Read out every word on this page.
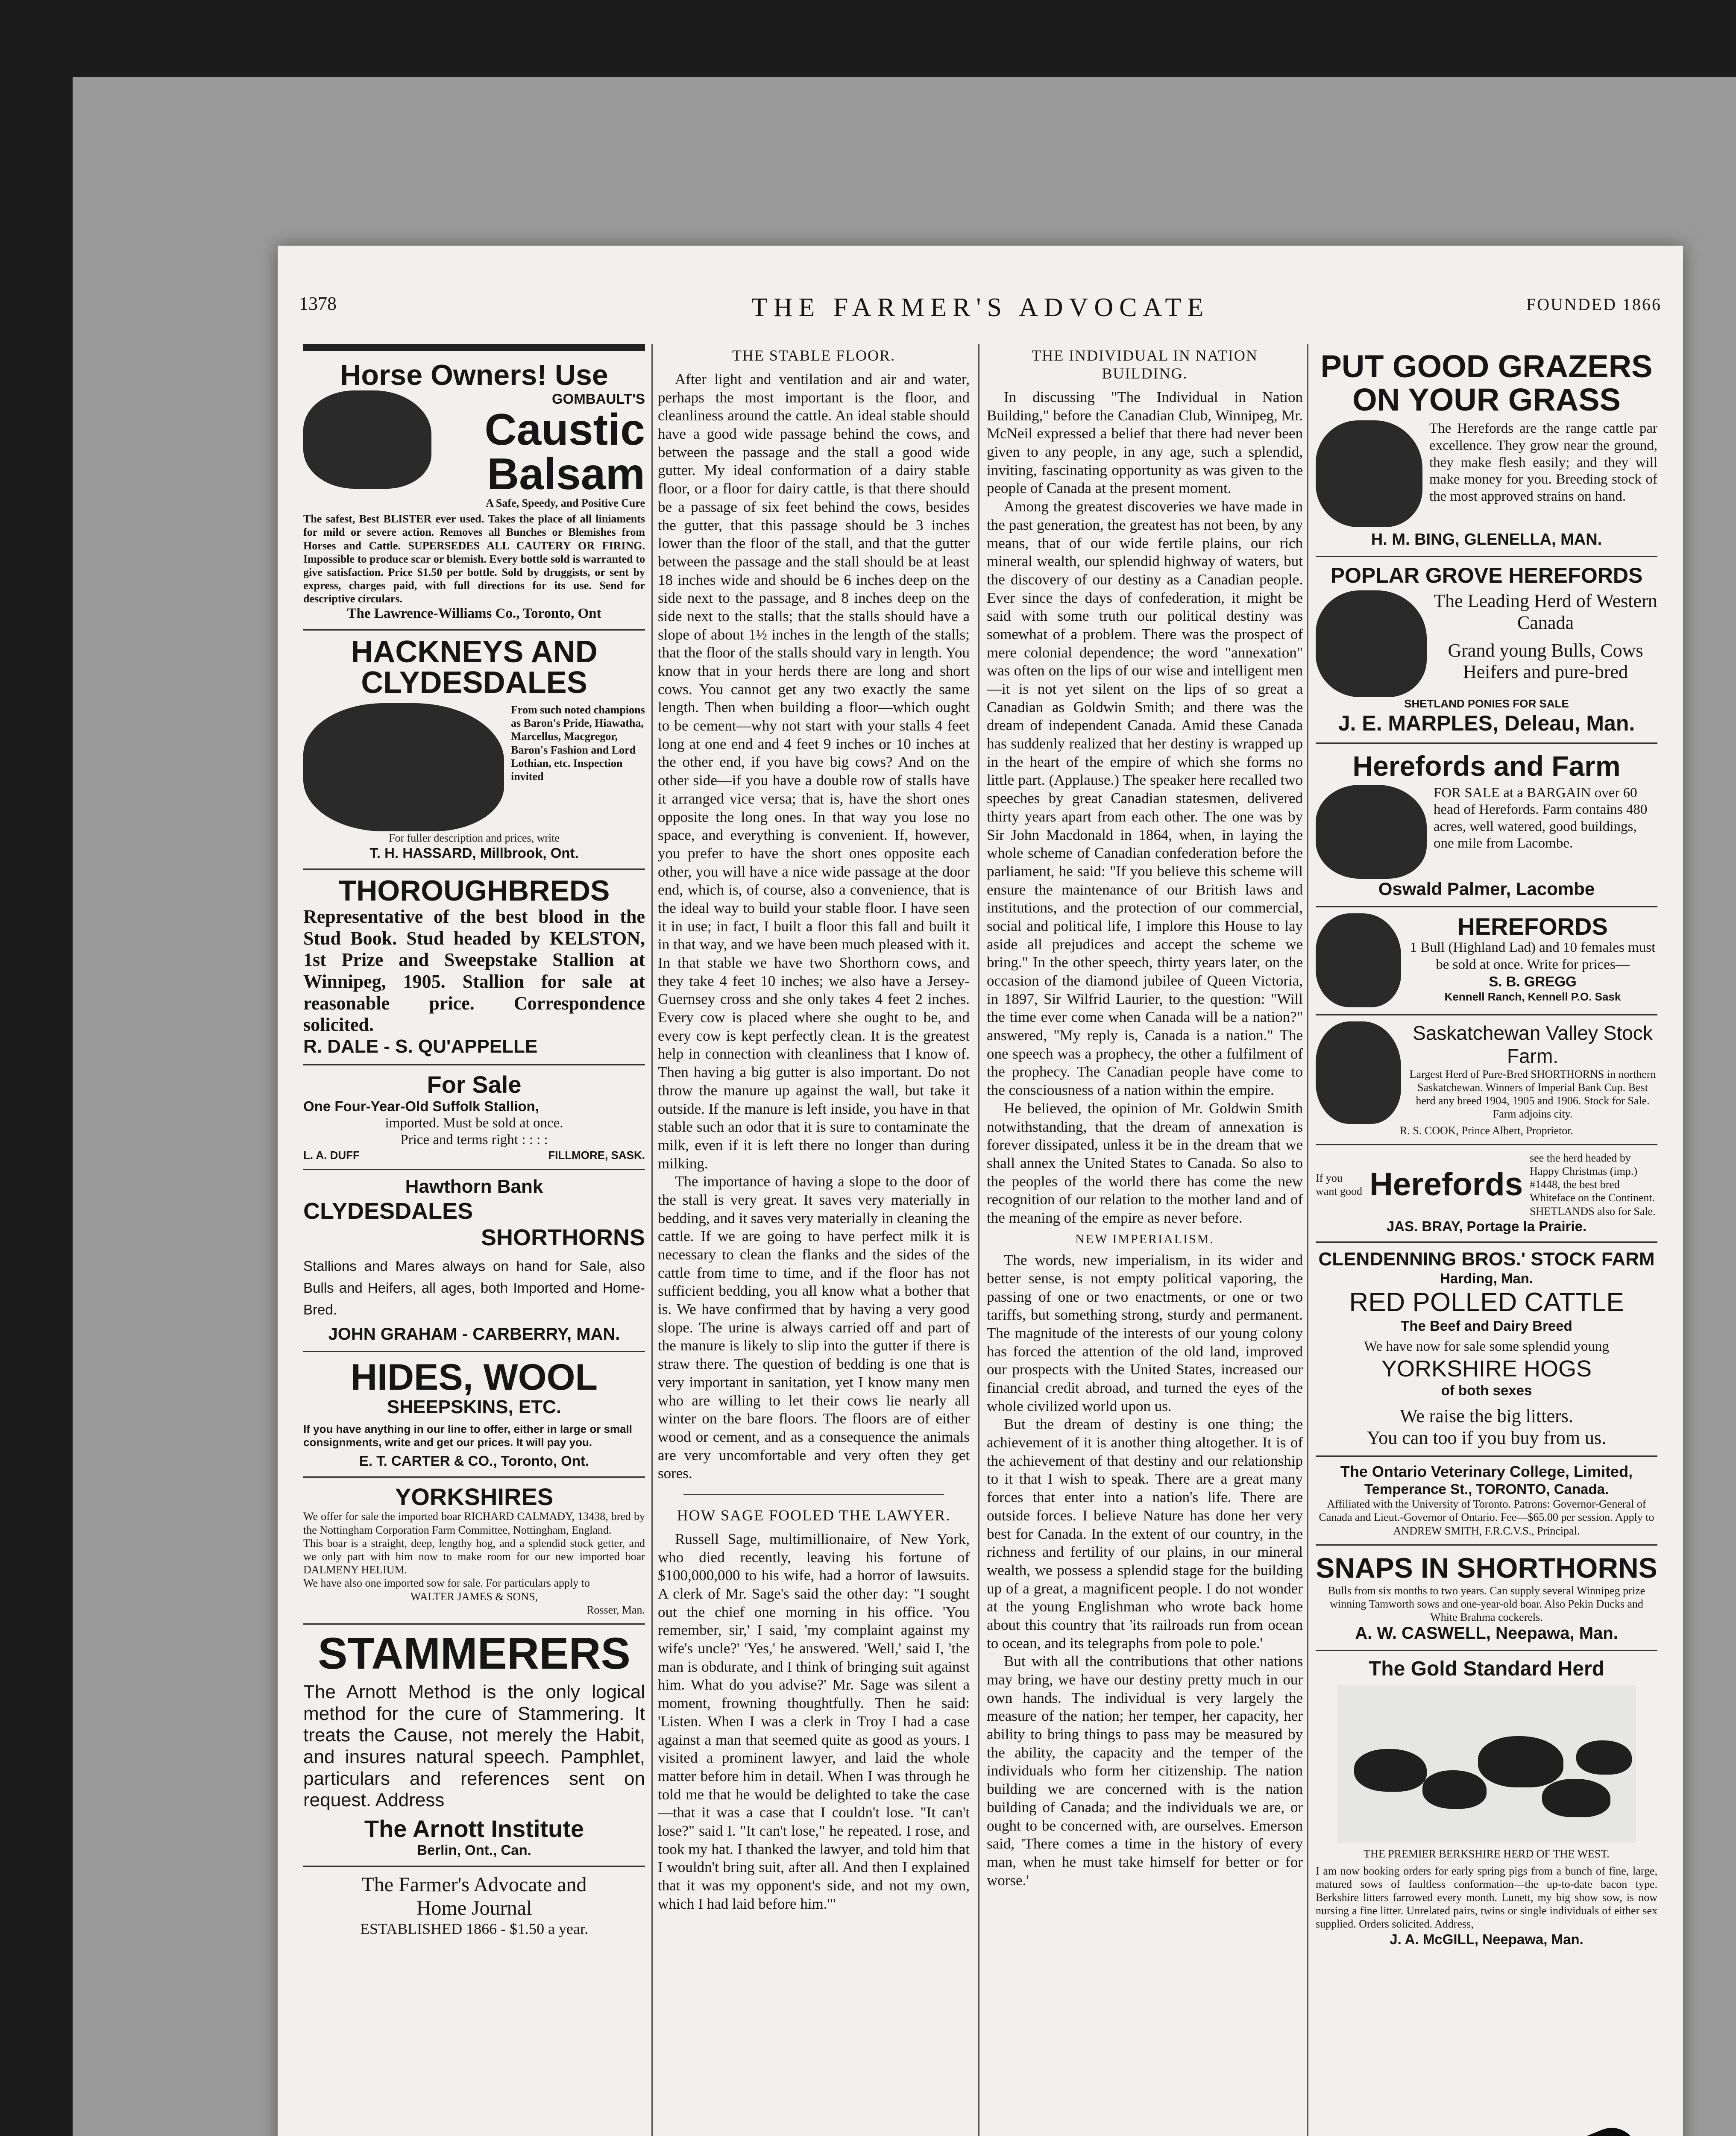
1378	THE FARMER'S ADVOCATE	FOUNDED 1866
Horse Owners! Use
GOMBAULT'S
Caustic
Balsam
A Safe, Speedy, and Positive Cure
The safest, Best BLISTER ever used. Takes the place of all liniaments for mild or severe action. Removes all Bunches or Blemishes from Horses and Cattle. SUPERSEDES ALL CAUTERY OR FIRING. Impossible to produce scar or blemish. Every bottle sold is warranted to give satisfaction. Price $1.50 per bottle. Sold by druggists, or sent by express, charges paid, with full directions for its use. Send for descriptive circulars.
The Lawrence-Williams Co., Toronto, Ont
HACKNEYS AND
CLYDESDALES
From such noted champions as Baron's Pride, Hiawatha, Marcellus, Macgregor, Baron's Fashion and Lord Lothian, etc. Inspection invited
For fuller description and prices, write
T. H. HASSARD, Millbrook, Ont.
THOROUGHBREDS
Representative of the best blood in the Stud Book. Stud headed by KELSTON, 1st Prize and Sweepstake Stallion at Winnipeg, 1905. Stallion for sale at reasonable price. Correspondence solicited.
R. DALE - S. QU'APPELLE
For Sale
One Four-Year-Old Suffolk Stallion,
imported. Must be sold at once.
Price and terms right : : : :
L. A. DUFF	FILLMORE, SASK.
Hawthorn Bank
CLYDESDALES
SHORTHORNS
Stallions and Mares always on hand for Sale, also Bulls and Heifers, all ages, both Imported and Home-Bred.
JOHN GRAHAM - CARBERRY, MAN.
HIDES, WOOL
SHEEPSKINS, ETC.
If you have anything in our line to offer, either in large or small consignments, write and get our prices. It will pay you.
E. T. CARTER & CO., Toronto, Ont.
YORKSHIRES
We offer for sale the imported boar RICHARD CALMADY, 13438, bred by the Nottingham Corporation Farm Committee, Nottingham, England.
This boar is a straight, deep, lengthy hog, and a splendid stock getter, and we only part with him now to make room for our new imported boar DALMENY HELIUM.
We have also one imported sow for sale. For particulars apply to
WALTER JAMES & SONS,
Rosser, Man.
STAMMERERS
The Arnott Method is the only logical method for the cure of Stammering. It treats the Cause, not merely the Habit, and insures natural speech. Pamphlet, particulars and references sent on request. Address
The Arnott Institute
Berlin, Ont., Can.
The Farmer's Advocate and
Home Journal
ESTABLISHED 1866 - $1.50 a year.
THE STABLE FLOOR.

After light and ventilation and air and water, perhaps the most important is the floor, and cleanliness around the cattle. An ideal stable should have a good wide passage behind the cows, and between the passage and the stall a good wide gutter. My ideal conformation of a dairy stable floor, or a floor for dairy cattle, is that there should be a passage of six feet behind the cows, besides the gutter, that this passage should be 3 inches lower than the floor of the stall, and that the gutter between the passage and the stall should be at least 18 inches wide and should be 6 inches deep on the side next to the passage, and 8 inches deep on the side next to the stalls; that the stalls should have a slope of about 1½ inches in the length of the stalls; that the floor of the stalls should vary in length. You know that in your herds there are long and short cows. You cannot get any two exactly the same length. Then when building a floor—which ought to be cement—why not start with your stalls 4 feet long at one end and 4 feet 9 inches or 10 inches at the other end, if you have big cows? And on the other side—if you have a double row of stalls have it arranged vice versa; that is, have the short ones opposite the long ones. In that way you lose no space, and everything is convenient. If, however, you prefer to have the short ones opposite each other, you will have a nice wide passage at the door end, which is, of course, also a convenience, that is the ideal way to build your stable floor. I have seen it in use; in fact, I built a floor this fall and built it in that way, and we have been much pleased with it. In that stable we have two Shorthorn cows, and they take 4 feet 10 inches; we also have a Jersey-Guernsey cross and she only takes 4 feet 2 inches. Every cow is placed where she ought to be, and every cow is kept perfectly clean. It is the greatest help in connection with cleanliness that I know of. Then having a big gutter is also important. Do not throw the manure up against the wall, but take it outside. If the manure is left inside, you have in that stable such an odor that it is sure to contaminate the milk, even if it is left there no longer than during milking.

The importance of having a slope to the door of the stall is very great. It saves very materially in bedding, and it saves very materially in cleaning the cattle. If we are going to have perfect milk it is necessary to clean the flanks and the sides of the cattle from time to time, and if the floor has not sufficient bedding, you all know what a bother that is. We have confirmed that by having a very good slope. The urine is always carried off and part of the manure is likely to slip into the gutter if there is straw there. The question of bedding is one that is very important in sanitation, yet I know many men who are willing to let their cows lie nearly all winter on the bare floors. The floors are of either wood or cement, and as a consequence the animals are very uncomfortable and very often they get sores.

HOW SAGE FOOLED THE LAWYER.

Russell Sage, multimillionaire, of New York, who died recently, leaving his fortune of $100,000,000 to his wife, had a horror of lawsuits. A clerk of Mr. Sage's said the other day: "I sought out the chief one morning in his office. 'You remember, sir,' I said, 'my complaint against my wife's uncle?' 'Yes,' he answered. 'Well,' said I, 'the man is obdurate, and I think of bringing suit against him. What do you advise?' Mr. Sage was silent a moment, frowning thoughtfully. Then he said: 'Listen. When I was a clerk in Troy I had a case against a man that seemed quite as good as yours. I visited a prominent lawyer, and laid the whole matter before him in detail. When I was through he told me that he would be delighted to take the case—that it was a case that I couldn't lose. "It can't lose?" said I. "It can't lose," he repeated. I rose, and took my hat. I thanked the lawyer, and told him that I wouldn't bring suit, after all. And then I explained that it was my opponent's side, and not my own, which I had laid before him.'"

THE INDIVIDUAL IN NATION BUILDING.

In discussing "The Individual in Nation Building," before the Canadian Club, Winnipeg, Mr. McNeil expressed a belief that there had never been given to any people, in any age, such a splendid, inviting, fascinating opportunity as was given to the people of Canada at the present moment.

Among the greatest discoveries we have made in the past generation, the greatest has not been, by any means, that of our wide fertile plains, our rich mineral wealth, our splendid highway of waters, but the discovery of our destiny as a Canadian people. Ever since the days of confederation, it might be said with some truth our political destiny was somewhat of a problem. There was the prospect of mere colonial dependence; the word "annexation" was often on the lips of our wise and intelligent men—it is not yet silent on the lips of so great a Canadian as Goldwin Smith; and there was the dream of independent Canada. Amid these Canada has suddenly realized that her destiny is wrapped up in the heart of the empire of which she forms no little part. (Applause.) The speaker here recalled two speeches by great Canadian statesmen, delivered thirty years apart from each other. The one was by Sir John Macdonald in 1864, when, in laying the whole scheme of Canadian confederation before the parliament, he said: "If you believe this scheme will ensure the maintenance of our British laws and institutions, and the protection of our commercial, social and political life, I implore this House to lay aside all prejudices and accept the scheme we bring." In the other speech, thirty years later, on the occasion of the diamond jubilee of Queen Victoria, in 1897, Sir Wilfrid Laurier, to the question: "Will the time ever come when Canada will be a nation?" answered, "My reply is, Canada is a nation." The one speech was a prophecy, the other a fulfilment of the prophecy. The Canadian people have come to the consciousness of a nation within the empire.

He believed, the opinion of Mr. Goldwin Smith notwithstanding, that the dream of annexation is forever dissipated, unless it be in the dream that we shall annex the United States to Canada. So also to the peoples of the world there has come the new recognition of our relation to the mother land and of the meaning of the empire as never before.

NEW IMPERIALISM.

The words, new imperialism, in its wider and better sense, is not empty political vaporing, the passing of one or two enactments, or one or two tariffs, but something strong, sturdy and permanent. The magnitude of the interests of our young colony has forced the attention of the old land, improved our prospects with the United States, increased our financial credit abroad, and turned the eyes of the whole civilized world upon us.

But the dream of destiny is one thing; the achievement of it is another thing altogether. It is of the achievement of that destiny and our relationship to it that I wish to speak. There are a great many forces that enter into a nation's life. There are outside forces. I believe Nature has done her very best for Canada. In the extent of our country, in the richness and fertility of our plains, in our mineral wealth, we possess a splendid stage for the building up of a great, a magnificent people. I do not wonder at the young Englishman who wrote back home about this country that 'its railroads run from ocean to ocean, and its telegraphs from pole to pole.'

But with all the contributions that other nations may bring, we have our destiny pretty much in our own hands. The individual is very largely the measure of the nation; her temper, her capacity, her ability to bring things to pass may be measured by the ability, the capacity and the temper of the individuals who form her citizenship. The nation building we are concerned with is the nation building of Canada; and the individuals we are, or ought to be concerned with, are ourselves. Emerson said, 'There comes a time in the history of every man, when he must take himself for better or for worse.'

PUT GOOD GRAZERS
ON YOUR GRASS
The Herefords are the range cattle par excellence. They grow near the ground, they make flesh easily; and they will make money for you. Breeding stock of the most approved strains on hand.
H. M. BING, GLENELLA, MAN.
POPLAR GROVE HEREFORDS
The Leading Herd of Western Canada
Grand young Bulls, Cows Heifers and pure-bred
SHETLAND PONIES FOR SALE
J. E. MARPLES, Deleau, Man.
Herefords and Farm
FOR SALE at a BARGAIN over 60 head of Herefords. Farm contains 480 acres, well watered, good buildings, one mile from Lacombe.
Oswald Palmer, Lacombe
HEREFORDS
1 Bull (Highland Lad) and 10 females must be sold at once. Write for prices—
S. B. GREGG
Kennell Ranch, Kennell P.O. Sask
Saskatchewan Valley Stock Farm.
Largest Herd of Pure-Bred SHORTHORNS in northern Saskatchewan. Winners of Imperial Bank Cup. Best herd any breed 1904, 1905 and 1906. Stock for Sale. Farm adjoins city.
R. S. COOK, Prince Albert, Proprietor.
If you want good Herefords
see the herd headed by Happy Christmas (imp.) #1448, the best bred Whiteface on the Continent. SHETLANDS also for Sale.
JAS. BRAY, Portage la Prairie.
CLENDENNING BROS.' STOCK FARM
Harding, Man.
RED POLLED CATTLE
The Beef and Dairy Breed
We have now for sale some splendid young
YORKSHIRE HOGS
of both sexes
We raise the big litters.
You can too if you buy from us.
The Ontario Veterinary College, Limited,
Temperance St., TORONTO, Canada.
Affiliated with the University of Toronto. Patrons: Governor-General of Canada and Lieut.-Governor of Ontario. Fee—$65.00 per session. Apply to ANDREW SMITH, F.R.C.V.S., Principal.
SNAPS IN SHORTHORNS
Bulls from six months to two years. Can supply several Winnipeg prize winning Tamworth sows and one-year-old boar. Also Pekin Ducks and White Brahma cockerels.
A. W. CASWELL, Neepawa, Man.
The Gold Standard Herd
THE PREMIER BERKSHIRE HERD OF THE WEST.
I am now booking orders for early spring pigs from a bunch of fine, large, matured sows of faultless conformation—the up-to-date bacon type. Berkshire litters farrowed every month. Lunett, my big show sow, is now nursing a fine litter. Unrelated pairs, twins or single individuals of either sex supplied. Orders solicited. Address,
J. A. McGILL, Neepawa, Man.
